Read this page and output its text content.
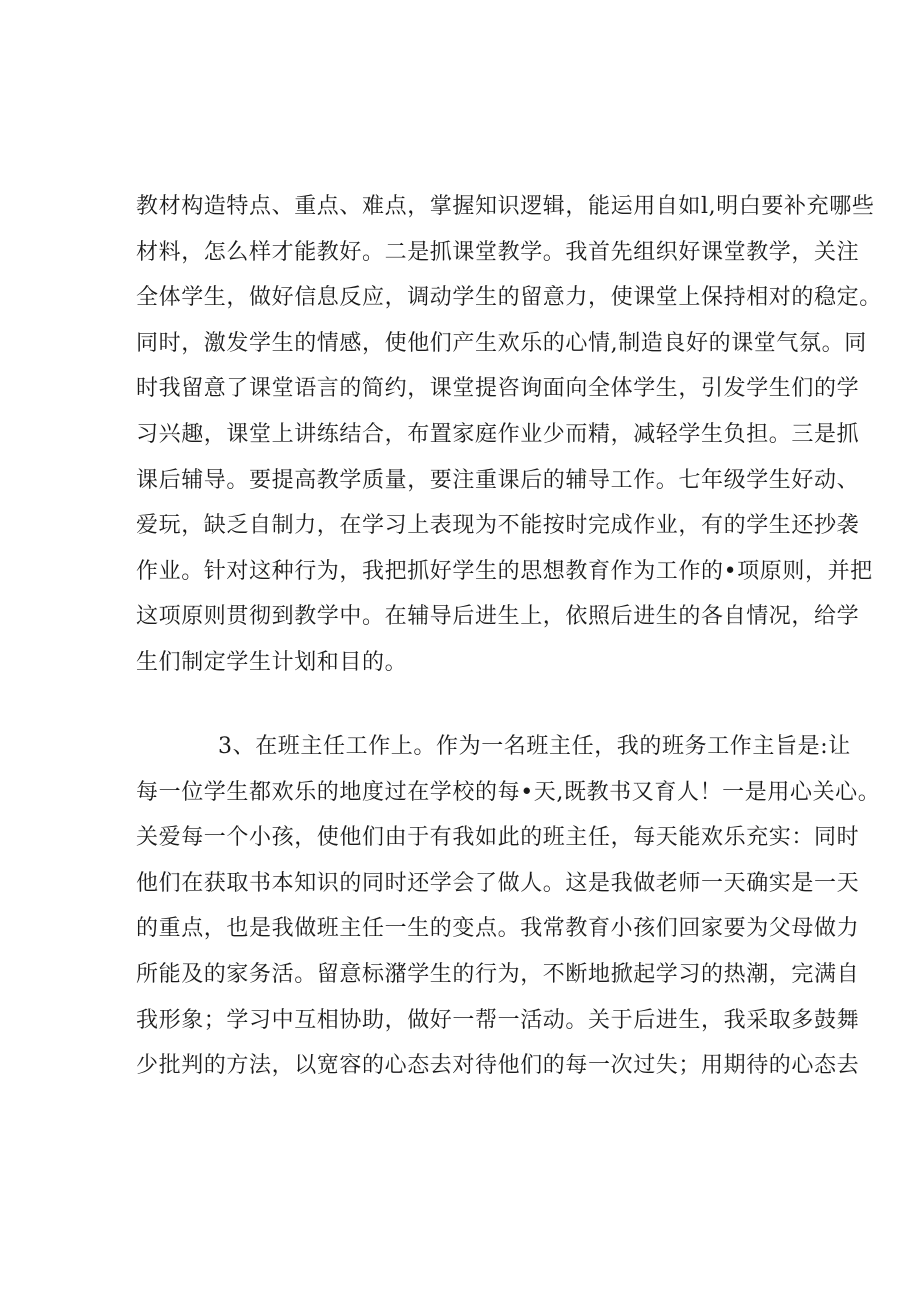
教材构造特点、重点、难点，掌握知识逻辑，能运用自如l,明白要补充哪些
材料，怎么样才能教好。二是抓课堂教学。我首先组织好课堂教学，关注
全体学生，做好信息反应，调动学生的留意力，使课堂上保持相对的稳定。
同时，激发学生的情感，使他们产生欢乐的心情,制造良好的课堂气氛。同
时我留意了课堂语言的简约，课堂提咨询面向全体学生，引发学生们的学
习兴趣，课堂上讲练结合，布置家庭作业少而精，减轻学生负担。三是抓
课后辅导。要提高教学质量，要注重课后的辅导工作。七年级学生好动、
爱玩，缺乏自制力，在学习上表现为不能按时完成作业，有的学生还抄袭
作业。针对这种行为，我把抓好学生的思想教育作为工作的•项原则，并把
这项原则贯彻到教学中。在辅导后进生上，依照后进生的各自情况，给学
生们制定学生计划和目的。
3、在班主任工作上。作为一名班主任，我的班务工作主旨是:让
每一位学生都欢乐的地度过在学校的每•天,既教书又育人！一是用心关心。
关爱每一个小孩，使他们由于有我如此的班主任，每天能欢乐充实：同时
他们在获取书本知识的同时还学会了做人。这是我做老师一天确实是一天
的重点，也是我做班主任一生的变点。我常教育小孩们回家要为父母做力
所能及的家务活。留意标潴学生的行为，不断地掀起学习的热潮，完满自
我形象；学习中互相协助，做好一帮一活动。关于后进生，我采取多鼓舞
少批判的方法，以宽容的心态去对待他们的每一次过失；用期待的心态去
